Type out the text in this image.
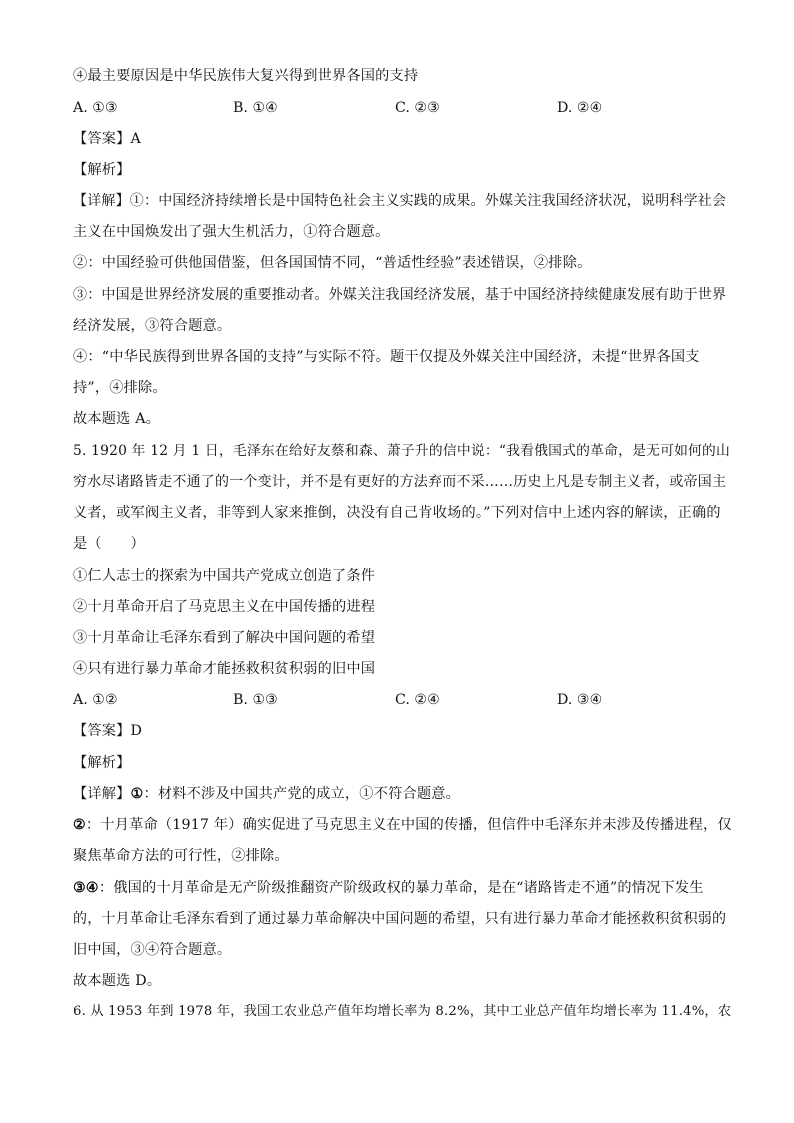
④最主要原因是中华民族伟大复兴得到世界各国的支持
A. ①③	B. ①④	C. ②③	D. ②④
【答案】A
【解析】
【详解】①：中国经济持续增长是中国特色社会主义实践的成果。外媒关注我国经济状况，说明科学社会
主义在中国焕发出了强大生机活力，①符合题意。
②：中国经验可供他国借鉴，但各国国情不同，“普适性经验”表述错误，②排除。
③：中国是世界经济发展的重要推动者。外媒关注我国经济发展，基于中国经济持续健康发展有助于世界
经济发展，③符合题意。
④：“中华民族得到世界各国的支持”与实际不符。题干仅提及外媒关注中国经济，未提“世界各国支
持”，④排除。
故本题选 A。
5. 1920 年 12 月 1 日，毛泽东在给好友蔡和森、萧子升的信中说：“我看俄国式的革命，是无可如何的山
穷水尽诸路皆走不通了的一个变计，并不是有更好的方法弃而不采……历史上凡是专制主义者，或帝国主
义者，或军阀主义者，非等到人家来推倒，决没有自己肯收场的。”下列对信中上述内容的解读，正确的
是（　　）
①仁人志士的探索为中国共产党成立创造了条件
②十月革命开启了马克思主义在中国传播的进程
③十月革命让毛泽东看到了解决中国问题的希望
④只有进行暴力革命才能拯救积贫积弱的旧中国
A. ①②	B. ①③	C. ②④	D. ③④
【答案】D
【解析】
【详解】①：材料不涉及中国共产党的成立，①不符合题意。
②：十月革命（1917 年）确实促进了马克思主义在中国的传播，但信件中毛泽东并未涉及传播进程，仅
聚焦革命方法的可行性，②排除。
③④：俄国的十月革命是无产阶级推翻资产阶级政权的暴力革命，是在“诸路皆走不通”的情况下发生
的，十月革命让毛泽东看到了通过暴力革命解决中国问题的希望，只有进行暴力革命才能拯救积贫积弱的
旧中国，③④符合题意。
故本题选 D。
6. 从 1953 年到 1978 年，我国工农业总产值年均增长率为 8.2%，其中工业总产值年均增长率为 11.4%，农
